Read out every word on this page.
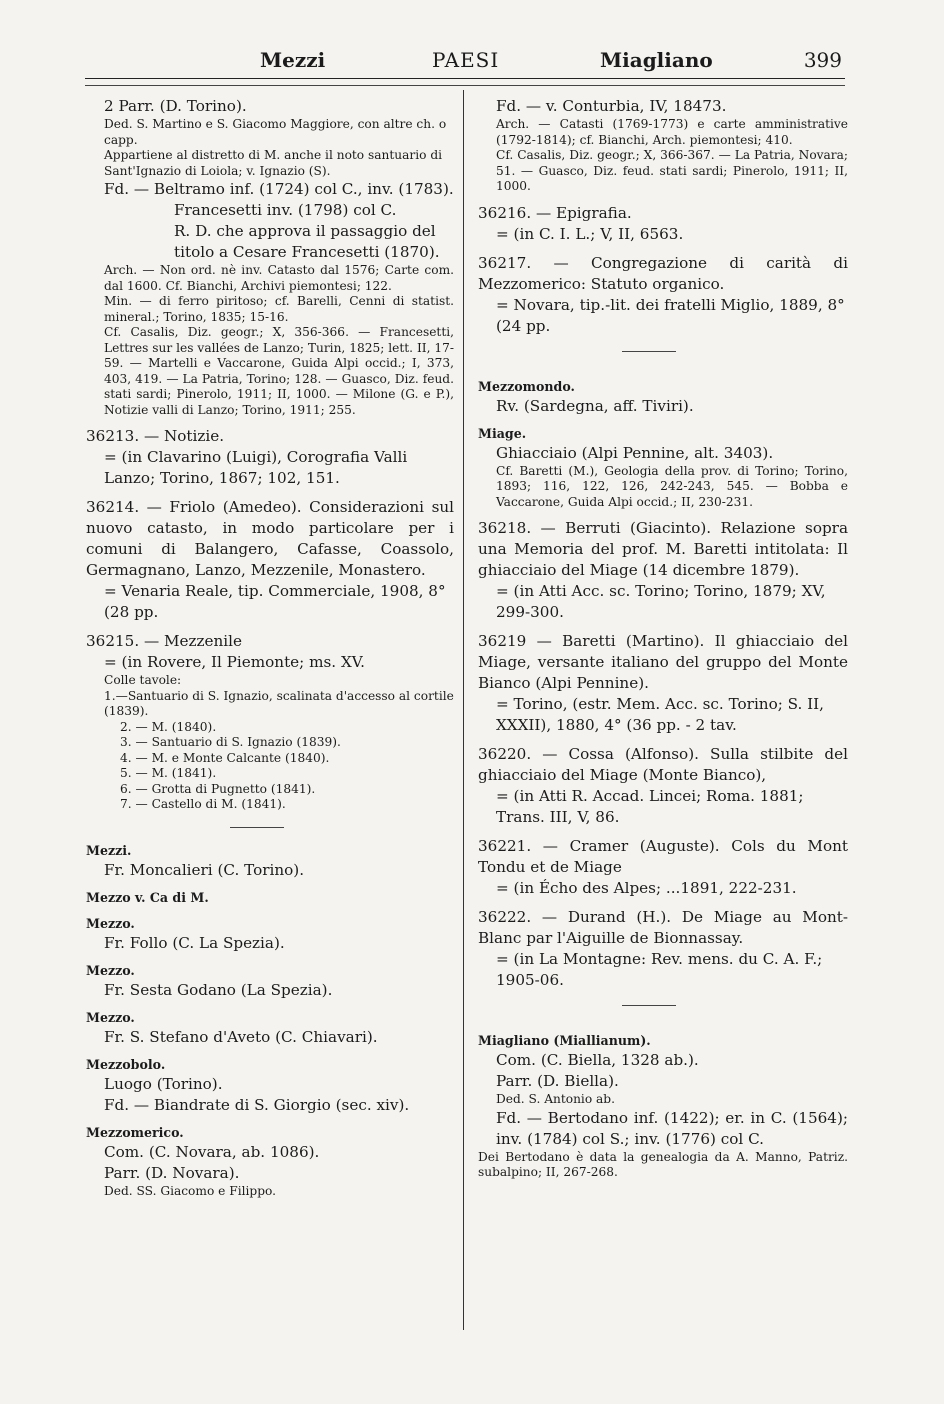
Mezzi	PAESI	Miagliano	399

2 Parr. (D. Torino).

Ded. S. Martino e S. Giacomo Maggiore, con altre ch. o capp.

Appartiene al distretto di M. anche il noto santuario di Sant'Ignazio di Loiola; v. Ignazio (S).

Fd. — Beltramo inf. (1724) col C., inv. (1783).

Francesetti inv. (1798) col C.

R. D. che approva il passaggio del titolo a Cesare Francesetti (1870).

Arch. — Non ord. nè inv. Catasto dal 1576; Carte com. dal 1600. Cf. Bianchi, Archivi piemontesi; 122.

Min. — di ferro piritoso; cf. Barelli, Cenni di statist. mineral.; Torino, 1835; 15-16.

Cf. Casalis, Diz. geogr.; X, 356-366. — Francesetti, Lettres sur les vallées de Lanzo; Turin, 1825; lett. II, 17-59. — Martelli e Vaccarone, Guida Alpi occid.; I, 373, 403, 419. — La Patria, Torino; 128. — Guasco, Diz. feud. stati sardi; Pinerolo, 1911; II, 1000. — Milone (G. e P.), Notizie valli di Lanzo; Torino, 1911; 255.

36213. — Notizie.

= (in Clavarino (Luigi), Corografia Valli Lanzo; Torino, 1867; 102, 151.

36214. — Friolo (Amedeo). Considerazioni sul nuovo catasto, in modo particolare per i comuni di Balangero, Cafasse, Coassolo, Germagnano, Lanzo, Mezzenile, Monastero.

= Venaria Reale, tip. Commerciale, 1908, 8° (28 pp.

36215. — Mezzenile

= (in Rovere, Il Piemonte; ms. XV.

Colle tavole:

1.—Santuario di S. Ignazio, scalinata d'accesso al cortile (1839).

2. — M. (1840).

3. — Santuario di S. Ignazio (1839).

4. — M. e Monte Calcante (1840).

5. — M. (1841).

6. — Grotta di Pugnetto (1841).

7. — Castello di M. (1841).

Mezzi.

Fr. Moncalieri (C. Torino).

Mezzo v. Ca di M.

Mezzo.

Fr. Follo (C. La Spezia).

Mezzo.

Fr. Sesta Godano (La Spezia).

Mezzo.

Fr. S. Stefano d'Aveto (C. Chiavari).

Mezzobolo.

Luogo (Torino).

Fd. — Biandrate di S. Giorgio (sec. xiv).

Mezzomerico.

Com. (C. Novara, ab. 1086).

Parr. (D. Novara).

Ded. SS. Giacomo e Filippo.

Fd. — v. Conturbia, IV, 18473.

Arch. — Catasti (1769-1773) e carte amministrative (1792-1814); cf. Bianchi, Arch. piemontesi; 410.

Cf. Casalis, Diz. geogr.; X, 366-367. — La Patria, Novara; 51. — Guasco, Diz. feud. stati sardi; Pinerolo, 1911; II, 1000.

36216. — Epigrafia.

= (in C. I. L.; V, II, 6563.

36217. — Congregazione di carità di Mezzomerico: Statuto organico.

= Novara, tip.-lit. dei fratelli Miglio, 1889, 8° (24 pp.

Mezzomondo.

Rv. (Sardegna, aff. Tiviri).

Miage.

Ghiacciaio (Alpi Pennine, alt. 3403).

Cf. Baretti (M.), Geologia della prov. di Torino; Torino, 1893; 116, 122, 126, 242-243, 545. — Bobba e Vaccarone, Guida Alpi occid.; II, 230-231.

36218. — Berruti (Giacinto). Relazione sopra una Memoria del prof. M. Baretti intitolata: Il ghiacciaio del Miage (14 dicembre 1879).

= (in Atti Acc. sc. Torino; Torino, 1879; XV, 299-300.

36219 — Baretti (Martino). Il ghiacciaio del Miage, versante italiano del gruppo del Monte Bianco (Alpi Pennine).

= Torino, (estr. Mem. Acc. sc. Torino; S. II, XXXII), 1880, 4° (36 pp. - 2 tav.

36220. — Cossa (Alfonso). Sulla stilbite del ghiacciaio del Miage (Monte Bianco),

= (in Atti R. Accad. Lincei; Roma. 1881; Trans. III, V, 86.

36221. — Cramer (Auguste). Cols du Mont Tondu et de Miage

= (in Écho des Alpes; ...1891, 222-231.

36222. — Durand (H.). De Miage au Mont-Blanc par l'Aiguille de Bionnassay.

= (in La Montagne: Rev. mens. du C. A. F.; 1905-06.

Miagliano (Miallianum).

Com. (C. Biella, 1328 ab.).

Parr. (D. Biella).

Ded. S. Antonio ab.

Fd. — Bertodano inf. (1422); er. in C. (1564); inv. (1784) col S.; inv. (1776) col C.

Dei Bertodano è data la genealogia da A. Manno, Patriz. subalpino; II, 267-268.
